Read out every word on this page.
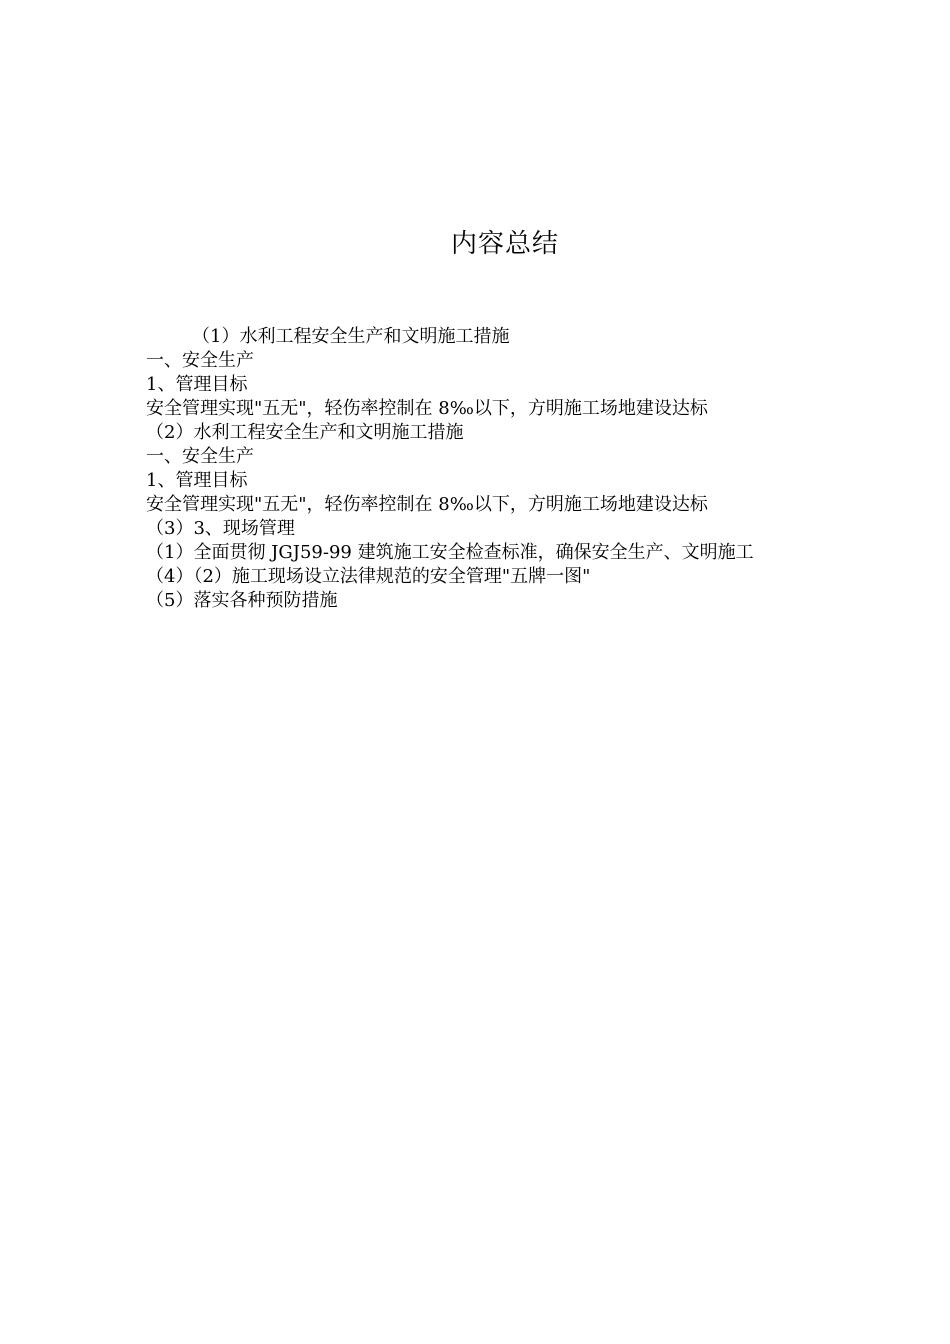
内容总结
（1）水利工程安全生产和文明施工措施
一、安全生产
1、管理目标
安全管理实现"五无"，轻伤率控制在 8‰以下，方明施工场地建设达标
（2）水利工程安全生产和文明施工措施
一、安全生产
1、管理目标
安全管理实现"五无"，轻伤率控制在 8‰以下，方明施工场地建设达标
（3）3、现场管理
（1）全面贯彻 JGJ59-99 建筑施工安全检查标准，确保安全生产、文明施工
（4）（2）施工现场设立法律规范的安全管理"五牌一图"
（5）落实各种预防措施
